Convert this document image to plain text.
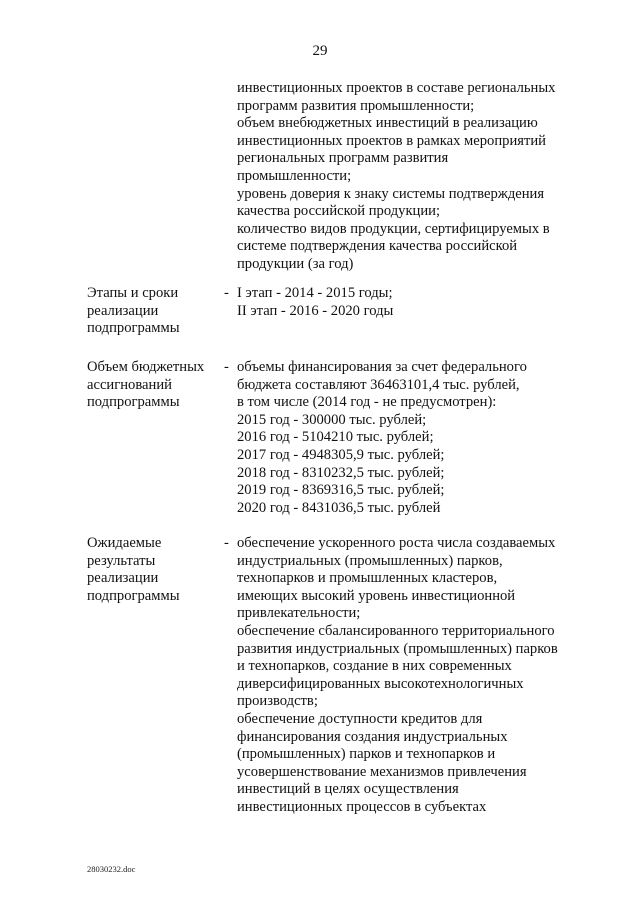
29
инвестиционных проектов в составе региональных
программ развития промышленности;
объем внебюджетных инвестиций в реализацию
инвестиционных проектов в рамках мероприятий
региональных программ развития
промышленности;
уровень доверия к знаку системы подтверждения
качества российской продукции;
количество видов продукции, сертифицируемых в
системе подтверждения качества российской
продукции (за год)
Этапы и сроки
реализации
подпрограммы
- I этап - 2014 - 2015 годы;
II этап - 2016 - 2020 годы
Объем бюджетных
ассигнований
подпрограммы
- объемы финансирования за счет федерального
бюджета составляют 36463101,4 тыс. рублей,
в том числе (2014 год - не предусмотрен):
2015 год - 300000 тыс. рублей;
2016 год - 5104210 тыс. рублей;
2017 год - 4948305,9 тыс. рублей;
2018 год - 8310232,5 тыс. рублей;
2019 год - 8369316,5 тыс. рублей;
2020 год - 8431036,5 тыс. рублей
Ожидаемые
результаты
реализации
подпрограммы
- обеспечение ускоренного роста числа создаваемых
индустриальных (промышленных) парков,
технопарков и промышленных кластеров,
имеющих высокий уровень инвестиционной
привлекательности;
обеспечение сбалансированного территориального
развития индустриальных (промышленных) парков
и технопарков, создание в них современных
диверсифицированных высокотехнологичных
производств;
обеспечение доступности кредитов для
финансирования создания индустриальных
(промышленных) парков и технопарков и
усовершенствование механизмов привлечения
инвестиций в целях осуществления
инвестиционных процессов в субъектах
28030232.doc
